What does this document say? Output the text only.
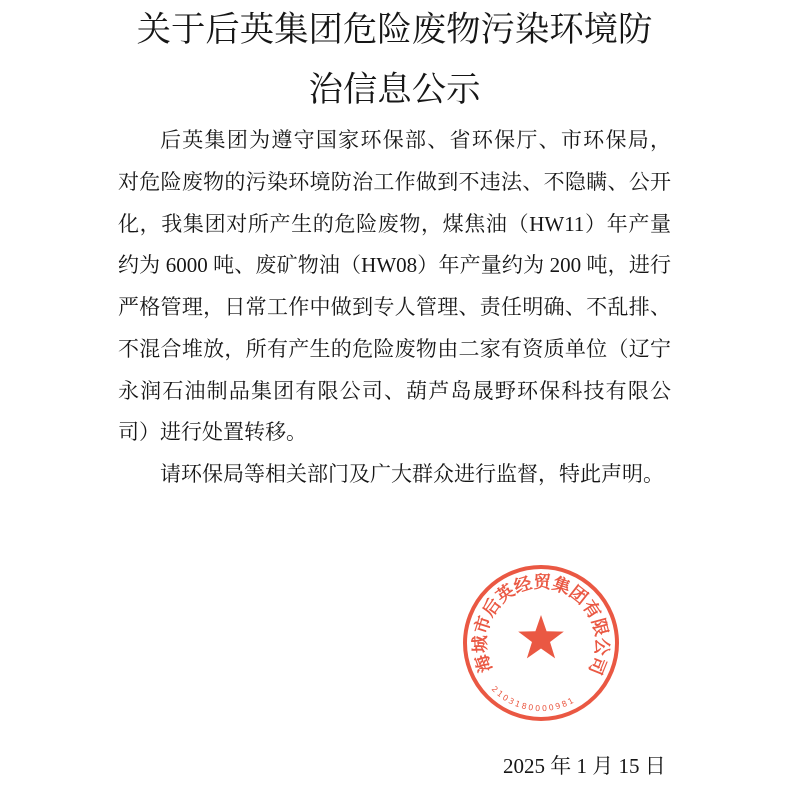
关于后英集团危险废物污染环境防治信息公示

后英集团为遵守国家环保部、省环保厅、市环保局，

对危险废物的污染环境防治工作做到不违法、不隐瞒、公开

化，我集团对所产生的危险废物，煤焦油（HW11）年产量

约为 6000 吨、废矿物油（HW08）年产量约为 200 吨，进行

严格管理，日常工作中做到专人管理、责任明确、不乱排、

不混合堆放，所有产生的危险废物由二家有资质单位（辽宁

永润石油制品集团有限公司、葫芦岛晟野环保科技有限公

司）进行处置转移。

请环保局等相关部门及广大群众进行监督，特此声明。

海城市后英经贸集团有限公司
2103180000981
2025 年 1 月 15 日
